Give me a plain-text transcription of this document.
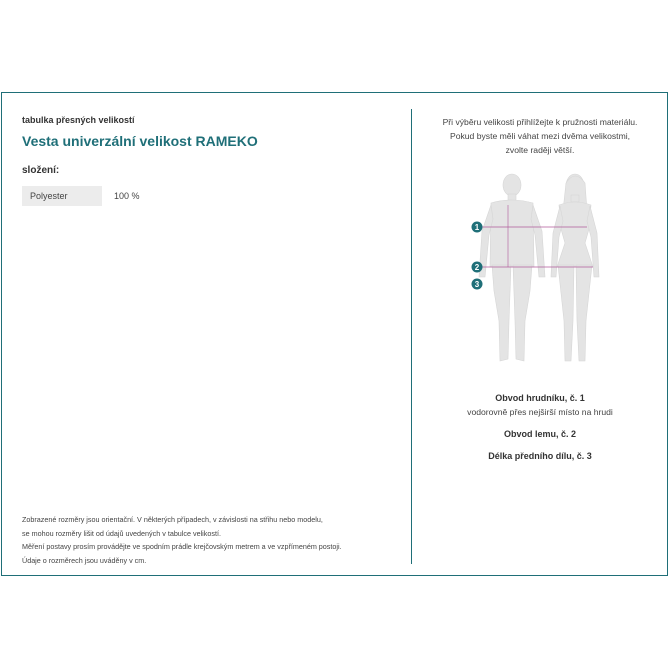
tabulka přesných velikostí
Vesta univerzální velikost RAMEKO
složení:
Polyester	100 %
Zobrazené rozměry jsou orientační. V některých případech, v závislosti na střihu nebo modelu,
se mohou rozměry lišit od údajů uvedených v tabulce velikostí.
Měření postavy prosím provádějte ve spodním prádle krejčovským metrem a ve vzpřímeném postoji.
Údaje o rozměrech jsou uváděny v cm.
Při výběru velikosti přihlížejte k pružnosti materiálu.
Pokud byste měli váhat mezi dvěma velikostmi,
zvolte raději větší.
1
2
3
Obvod hrudníku, č. 1
vodorovně přes nejširší místo na hrudi
Obvod lemu, č. 2
Délka předního dílu, č. 3
